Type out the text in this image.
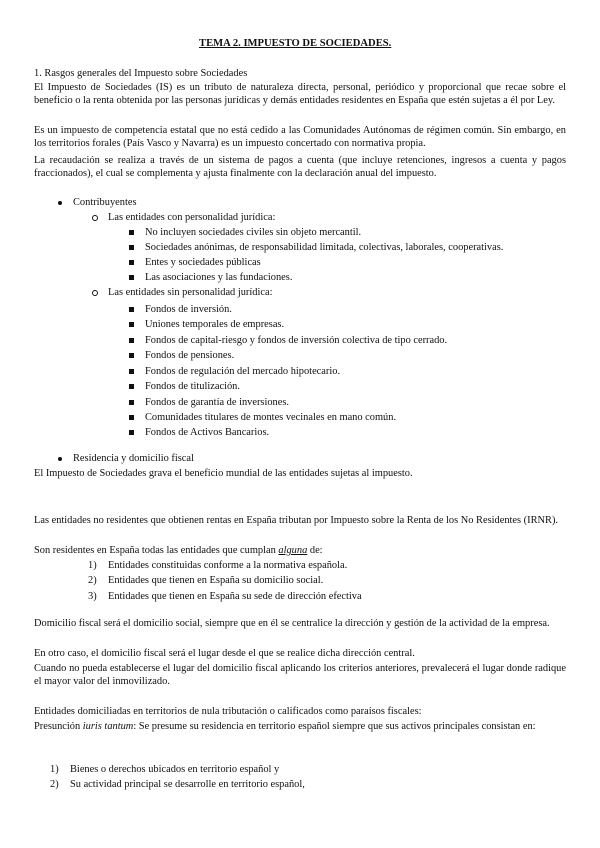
TEMA 2. IMPUESTO DE SOCIEDADES.
1. Rasgos generales del Impuesto sobre Sociedades
El Impuesto de Sociedades (IS) es un tributo de naturaleza directa, personal, periódico y proporcional que recae sobre el beneficio o la renta obtenida por las personas jurídicas y demás entidades residentes en España que estén sujetas a él por Ley.
Es un impuesto de competencia estatal que no está cedido a las Comunidades Autónomas de régimen común. Sin embargo, en los territorios forales (País Vasco y Navarra) es un impuesto concertado con normativa propia.
La recaudación se realiza a través de un sistema de pagos a cuenta (que incluye retenciones, ingresos a cuenta y pagos fraccionados), el cual se complementa y ajusta finalmente con la declaración anual del impuesto.
Contribuyentes
Las entidades con personalidad jurídica:
No incluyen sociedades civiles sin objeto mercantil.
Sociedades anónimas, de responsabilidad limitada, colectivas, laborales, cooperativas.
Entes y sociedades públicas
Las asociaciones y las fundaciones.
Las entidades sin personalidad jurídica:
Fondos de inversión.
Uniones temporales de empresas.
Fondos de capital-riesgo y fondos de inversión colectiva de tipo cerrado.
Fondos de pensiones.
Fondos de regulación del mercado hipotecario.
Fondos de titulización.
Fondos de garantía de inversiones.
Comunidades titulares de montes vecinales en mano común.
Fondos de Activos Bancarios.
Residencia y domicilio fiscal
El Impuesto de Sociedades grava el beneficio mundial de las entidades sujetas al impuesto.
Las entidades no residentes que obtienen rentas en España tributan por Impuesto sobre la Renta de los No Residentes (IRNR).
Son residentes en España todas las entidades que cumplan alguna de:
1) Entidades constituidas conforme a la normativa española.
2) Entidades que tienen en España su domicilio social.
3) Entidades que tienen en España su sede de dirección efectiva
Domicilio fiscal será el domicilio social, siempre que en él se centralice la dirección y gestión de la actividad de la empresa.
En otro caso, el domicilio fiscal será el lugar desde el que se realice dicha dirección central.
Cuando no pueda establecerse el lugar del domicilio fiscal aplicando los criterios anteriores, prevalecerá el lugar donde radique el mayor valor del inmovilizado.
Entidades domiciliadas en territorios de nula tributación o calificados como paraísos fiscales:
Presunción iuris tantum: Se presume su residencia en territorio español siempre que sus activos principales consistan en:
1) Bienes o derechos ubicados en territorio español y
2) Su actividad principal se desarrolle en territorio español,
